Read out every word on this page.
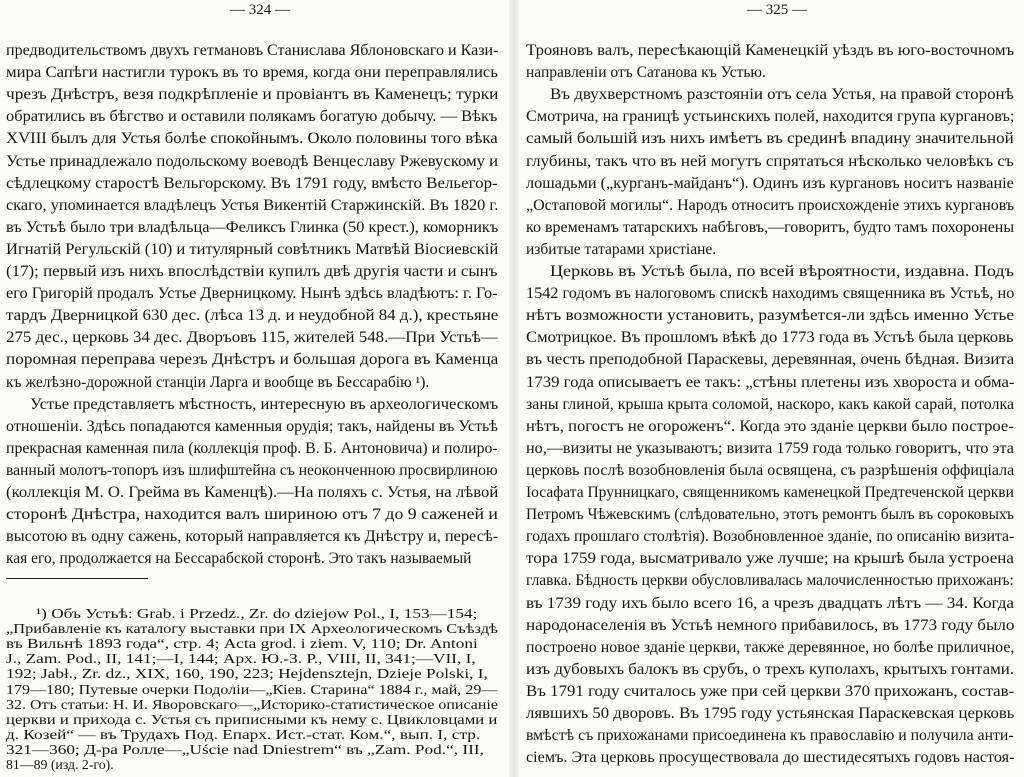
— 324 —
предводительствомъ двухъ гетмановъ Станислава Яблоновскаго и Кази-
мира Сапѣги настигли турокъ въ то время, когда они переправлялись
чрезъ Днѣстръ, везя подкрѣпленіе и провіантъ въ Каменецъ; турки
обратились въ бѣгство и оставили полякамъ богатую добычу. — Вѣкъ
XVIII былъ для Устья болѣе спокойнымъ. Около половины того вѣка
Устье принадлежало подольскому воеводѣ Венцеславу Ржевускому и
сѣдлецкому старостѣ Вельгорскому. Въ 1791 году, вмѣсто Вельегор-
скаго, упоминается владѣлецъ Устья Викентій Старжинскій. Въ 1820 г.
въ Устьѣ было три владѣльца—Феликсъ Глинка (50 крест.), коморникъ
Игнатій Регульскій (10) и титулярный совѣтникъ Матвѣй Віосиевскій
(17); первый изъ нихъ впослѣдствіи купилъ двѣ другія части и сынъ
его Григорій продалъ Устье Дверницкому. Нынѣ здѣсь владѣютъ: г. Го-
тардъ Дверницкой 630 дес. (лѣса 13 д. и неудобной 84 д.), крестьяне
275 дес., церковь 34 дес. Дворъовъ 115, жителей 548.—При Устьѣ—
поромная переправа черезъ Днѣстръ и большая дорога въ Каменца
къ желѣзно-дорожной станціи Ларга и вообще въ Бессарабію ¹).
Устье представляетъ мѣстность, интересную въ археологическомъ
отношеніи. Здѣсь попадаются каменныя орудія; такъ, найдены въ Устьѣ
прекрасная каменная пила (коллекція проф. В. Б. Антоновича) и полиро-
ванный молотъ-топоръ изъ шлифштейна съ неоконченною просвирлиною
(коллекція М. О. Грейма въ Каменцѣ).—На поляхъ с. Устья, на лѣвой
сторонѣ Днѣстра, находится валъ шириною отъ 7 до 9 саженей и
высотою въ одну сажень, который направляется къ Днѣстру и, пересѣ-
кая его, продолжается на Бессарабской сторонѣ. Это такъ называемый
¹) Объ Устьѣ: Grab. i Przedz., Zr. do dziejow Pol., I, 153—154;
„Прибавленіе къ каталогу выставки при IX Археологическомъ Съѣздѣ
въ Вильнѣ 1893 года“, стр. 4; Acta grod. i ziem. V, 110; Dr. Antoni
J., Zam. Pod., II, 141;—I, 144; Арх. Ю.-З. Р., VIII, II, 341;—VII, I,
192; Jabł., Zr. dz., XIX, 160, 190, 223; Hejdensztejn, Dzieje Polski, I,
179—180; Путевые очерки Подоліи—„Кіев. Старина“ 1884 г., май, 29—
32. Отъ статьи: Н. И. Яворовскаго—„Историко-статистическое описаніе
церкви и прихода с. Устья съ приписными къ нему с. Цвикловцами и
д. Козей“ — въ Трудахъ Под. Епарх. Ист.-стат. Ком.“, вып. I, стр.
321—360; Д-ра Ролле—„Uście nad Dniestrem“ въ „Zam. Pod.“, III,
81—89 (изд. 2-го).
— 325 —
Трояновъ валъ, пересѣкающій Каменецкій уѣздъ въ юго-восточномъ
направленіи отъ Сатанова къ Устью.
Въ двухверстномъ разстояніи отъ села Устья, на правой сторонѣ
Смотрича, на границѣ устьинскихъ полей, находится група кургановъ;
самый большій изъ нихъ имѣетъ въ срединѣ впадину значительной
глубины, такъ что въ ней могутъ спрятаться нѣсколько человѣкъ съ
лошадьми („курганъ-майданъ“). Одинъ изъ кургановъ носитъ названіе
„Остаповой могилы“. Народъ относитъ происхожденіе этихъ кургановъ
ко временамъ татарскихъ набѣговъ,—говоритъ, будто тамъ похоронены
избитые татарами христіане.
Церковь въ Устьѣ была, по всей вѣроятности, издавна. Подъ
1542 годомъ въ налоговомъ спискѣ находимъ священника въ Устьѣ, но
нѣтъ возможности установить, разумѣется-ли здѣсь именно Устье
Смотрицкое. Въ прошломъ вѣкѣ до 1773 года въ Устьѣ была церковь
въ честь преподобной Параскевы, деревянная, очень бѣдная. Визита
1739 года описываетъ ее такъ: „стѣны плетены изъ хвороста и обма-
заны глиной, крыша крыта соломой, наскоро, какъ какой сарай, потолка
нѣтъ, погостъ не огороженъ“. Когда это зданіе церкви было построе-
но,—визиты не указываютъ; визита 1759 года только говоритъ, что эта
церковь послѣ возобновленія была освящена, съ разрѣшенія оффиціала
Іосафата Прунницкаго, священникомъ каменецкой Предтеченской церкви
Петромъ Чѣжевскимъ (слѣдовательно, этотъ ремонтъ былъ въ сороковыхъ
годахъ прошлаго столѣтія). Возобновленное зданіе, по описанію визита-
тора 1759 года, высматривало уже лучше; на крышѣ была устроена
главка. Бѣдность церкви обусловливалась малочисленностью прихожанъ:
въ 1739 году ихъ было всего 16, а чрезъ двадцать лѣтъ — 34. Когда
народонаселенія въ Устьѣ немного прибавилось, въ 1773 году было
построено новое зданіе церкви, также деревянное, но болѣе приличное,
изъ дубовыхъ балокъ въ срубъ, о трехъ куполахъ, крытыхъ гонтами.
Въ 1791 году считалось уже при сей церкви 370 прихожанъ, состав-
лявшихъ 50 дворовъ. Въ 1795 году устьянская Параскевская церковь
вмѣстѣ съ прихожанами присоединена къ православію и получила анти-
сіемъ. Эта церковь просуществовала до шестидесятыхъ годовъ настоя-
